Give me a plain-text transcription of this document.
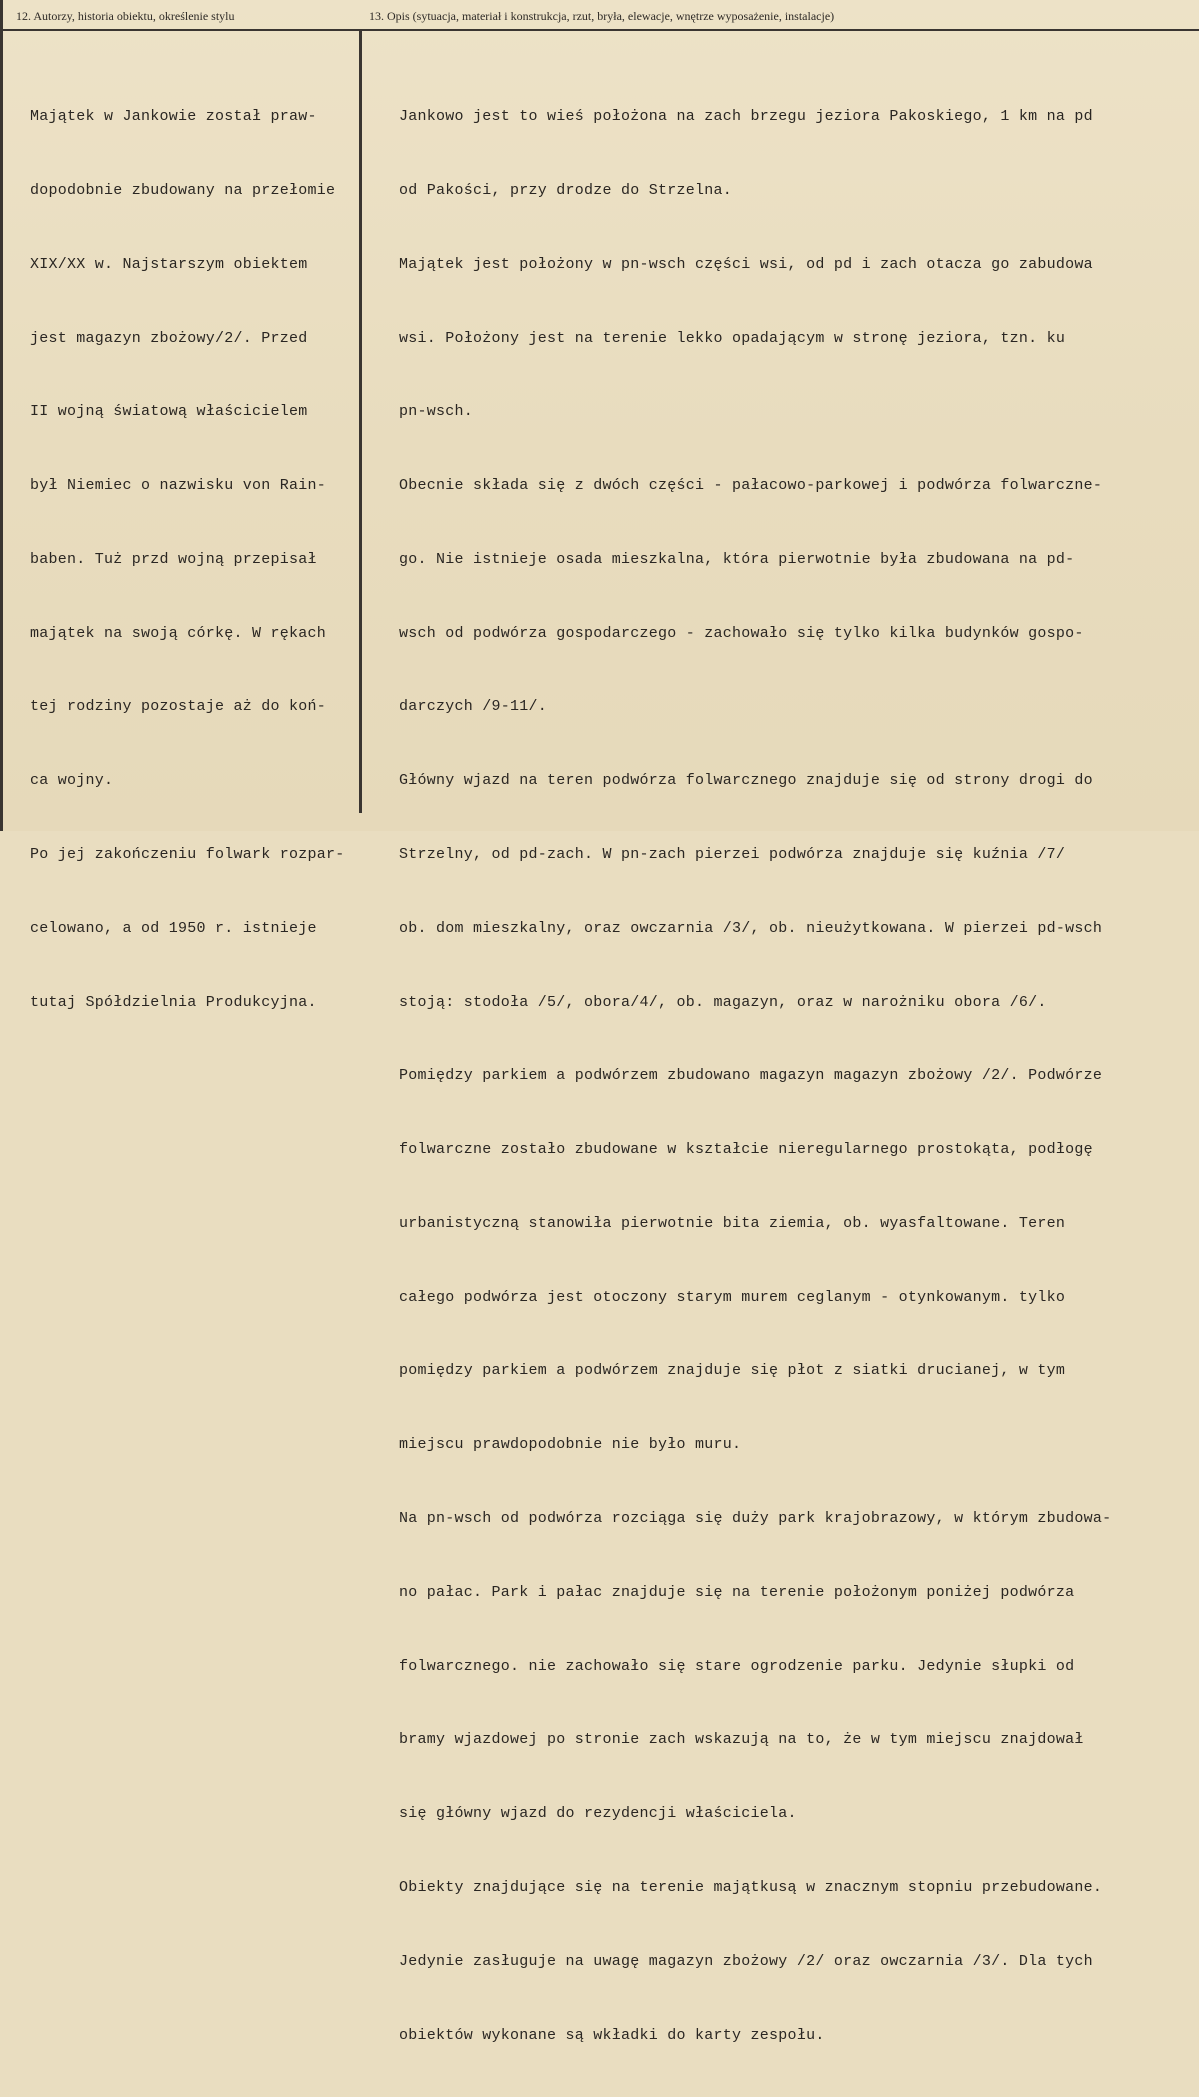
12. Autorzy, historia obiektu, określenie stylu	13. Opis (sytuacja, materiał i konstrukcja, rzut, bryła, elewacje, wnętrze wyposażenie, instalacje)

Majątek w Jankowie został praw-

dopodobnie zbudowany na przełomie

XIX/XX w. Najstarszym obiektem

jest magazyn zbożowy/2/. Przed

II wojną światową właścicielem

był Niemiec o nazwisku von Rain-

baben. Tuż przd wojną przepisał

majątek na swoją córkę. W rękach

tej rodziny pozostaje aż do koń-

ca wojny.

Po jej zakończeniu folwark rozpar-

celowano, a od 1950 r. istnieje

tutaj Spółdzielnia Produkcyjna.

Jankowo jest to wieś położona na zach brzegu jeziora Pakoskiego, 1 km na pd

od Pakości, przy drodze do Strzelna.

Majątek jest położony w pn-wsch części wsi, od pd i zach otacza go zabudowa

wsi. Położony jest na terenie lekko opadającym w stronę jeziora, tzn. ku

pn-wsch.

Obecnie składa się z dwóch części - pałacowo-parkowej i podwórza folwarczne-

go. Nie istnieje osada mieszkalna, która pierwotnie była zbudowana na pd-

wsch od podwórza gospodarczego - zachowało się tylko kilka budynków gospo-

darczych /9-11/.

Główny wjazd na teren podwórza folwarcznego znajduje się od strony drogi do

Strzelny, od pd-zach. W pn-zach pierzei podwórza znajduje się kuźnia /7/

ob. dom mieszkalny, oraz owczarnia /3/, ob. nieużytkowana. W pierzei pd-wsch

stoją: stodoła /5/, obora/4/, ob. magazyn, oraz w narożniku obora /6/.

Pomiędzy parkiem a podwórzem zbudowano magazyn magazyn zbożowy /2/. Podwórze

folwarczne zostało zbudowane w kształcie nieregularnego prostokąta, podłogę

urbanistyczną stanowiła pierwotnie bita ziemia, ob. wyasfaltowane. Teren

całego podwórza jest otoczony starym murem ceglanym - otynkowanym. tylko

pomiędzy parkiem a podwórzem znajduje się płot z siatki drucianej, w tym

miejscu prawdopodobnie nie było muru.

Na pn-wsch od podwórza rozciąga się duży park krajobrazowy, w którym zbudowa-

no pałac. Park i pałac znajduje się na terenie położonym poniżej podwórza

folwarcznego. nie zachowało się stare ogrodzenie parku. Jedynie słupki od

bramy wjazdowej po stronie zach wskazują na to, że w tym miejscu znajdował

się główny wjazd do rezydencji właściciela.

Obiekty znajdujące się na terenie majątkusą w znacznym stopniu przebudowane.

Jedynie zasługuje na uwagę magazyn zbożowy /2/ oraz owczarnia /3/. Dla tych

obiektów wykonane są wkładki do karty zespołu.
